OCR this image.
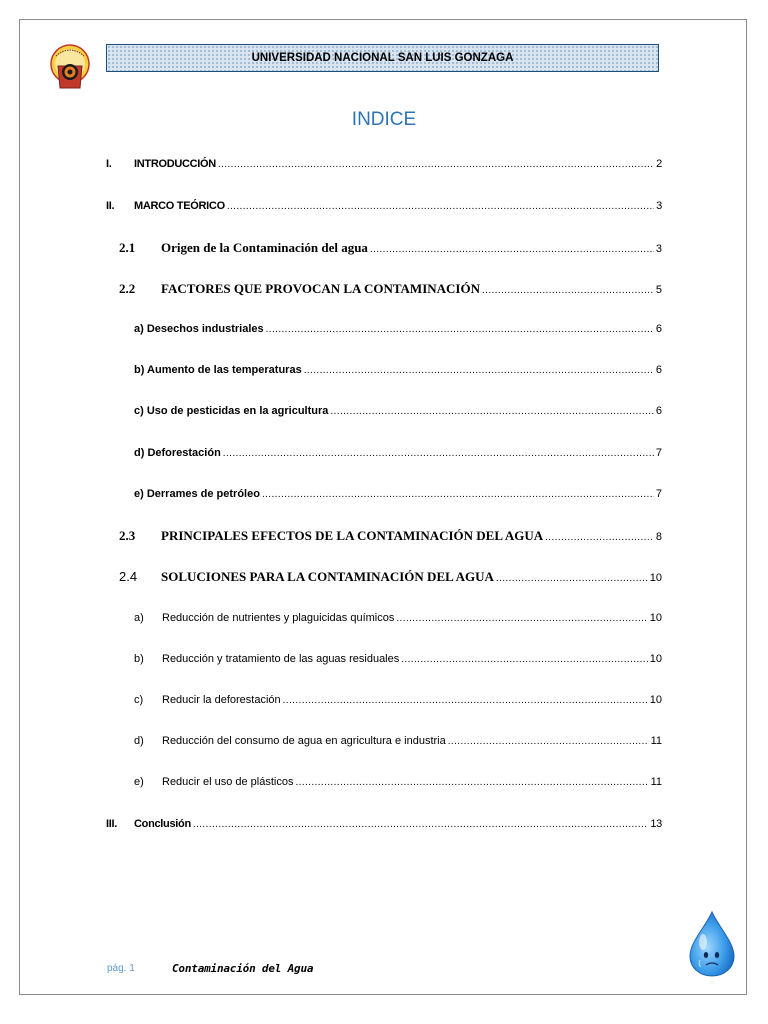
UNIVERSIDAD NACIONAL SAN LUIS GONZAGA
INDICE
I.	INTRODUCCIÓN .....	2
II.	MARCO TEÓRICO .....	3
2.1	Origen de la Contaminación del agua .....	3
2.2	FACTORES QUE PROVOCAN LA CONTAMINACIÓN .....	5
a) Desechos industriales .....	6
b) Aumento de las temperaturas .....	6
c) Uso de pesticidas en la agricultura .....	6
d) Deforestación .....	7
e) Derrames de petróleo .....	7
2.3	PRINCIPALES EFECTOS DE LA CONTAMINACIÓN DEL AGUA .....	8
2.4	SOLUCIONES PARA LA CONTAMINACIÓN DEL AGUA .....	10
a)	Reducción de nutrientes y plaguicidas químicos .....	10
b)	Reducción y tratamiento de las aguas residuales .....	10
c)	Reducir la deforestación .....	10
d)	Reducción del consumo de agua en agricultura e industria .....	11
e)	Reducir el uso de plásticos .....	11
III.	Conclusión .....	13
pág. 1	Contaminación del Agua
